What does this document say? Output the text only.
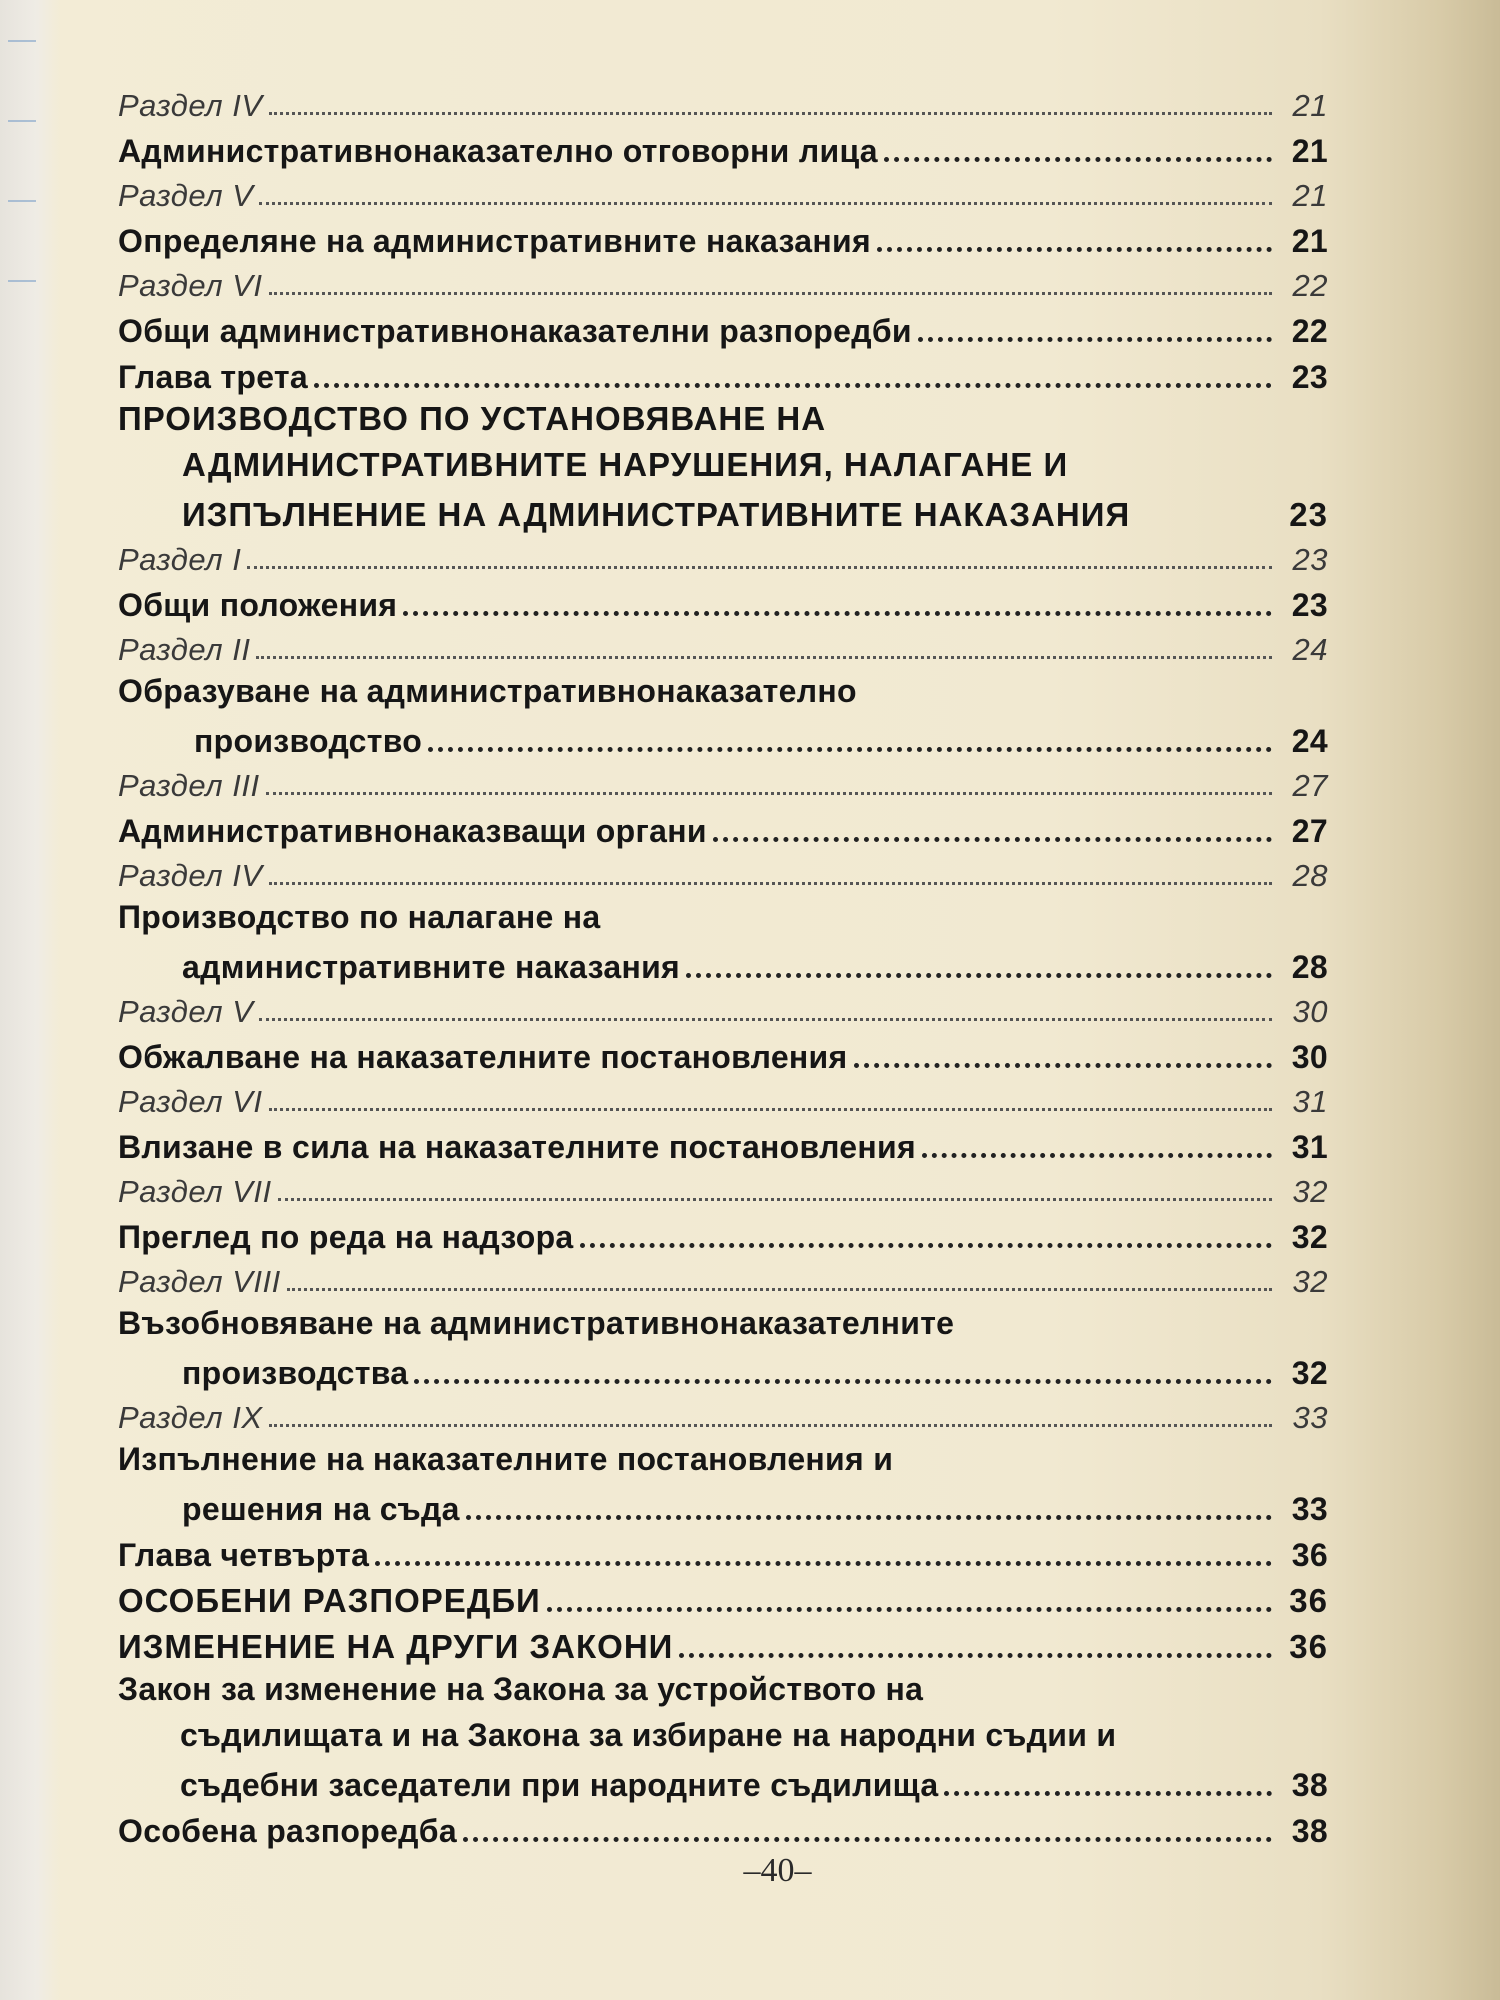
Раздел IV	21
Административнонаказателно отговорни лица	21
Раздел V	21
Определяне на административните наказания	21
Раздел VI	22
Общи административнонаказателни разпоредби	22
Глава трета	23
ПРОИЗВОДСТВО ПО УСТАНОВЯВАНЕ НА
АДМИНИСТРАТИВНИТЕ НАРУШЕНИЯ, НАЛАГАНЕ И
ИЗПЪЛНЕНИЕ НА АДМИНИСТРАТИВНИТЕ НАКАЗАНИЯ	23
Раздел I	23
Общи положения	23
Раздел II	24
Образуване на административнонаказателно
производство	24
Раздел III	27
Административнонаказващи органи	27
Раздел IV	28
Производство по налагане на
административните наказания	28
Раздел V	30
Обжалване на наказателните постановления	30
Раздел VI	31
Влизане в сила на наказателните постановления	31
Раздел VII	32
Преглед по реда на надзора	32
Раздел VIII	32
Възобновяване на административнонаказателните
производства	32
Раздел IX	33
Изпълнение на наказателните постановления и
решения на съда	33
Глава четвърта	36
ОСОБЕНИ РАЗПОРЕДБИ	36
ИЗМЕНЕНИЕ НА ДРУГИ ЗАКОНИ	36
Закон за изменение на Закона за устройството на
съдилищата и на Закона за избиране на народни съдии и
съдебни заседатели при народните съдилища	38
Особена разпоредба	38
–40–
